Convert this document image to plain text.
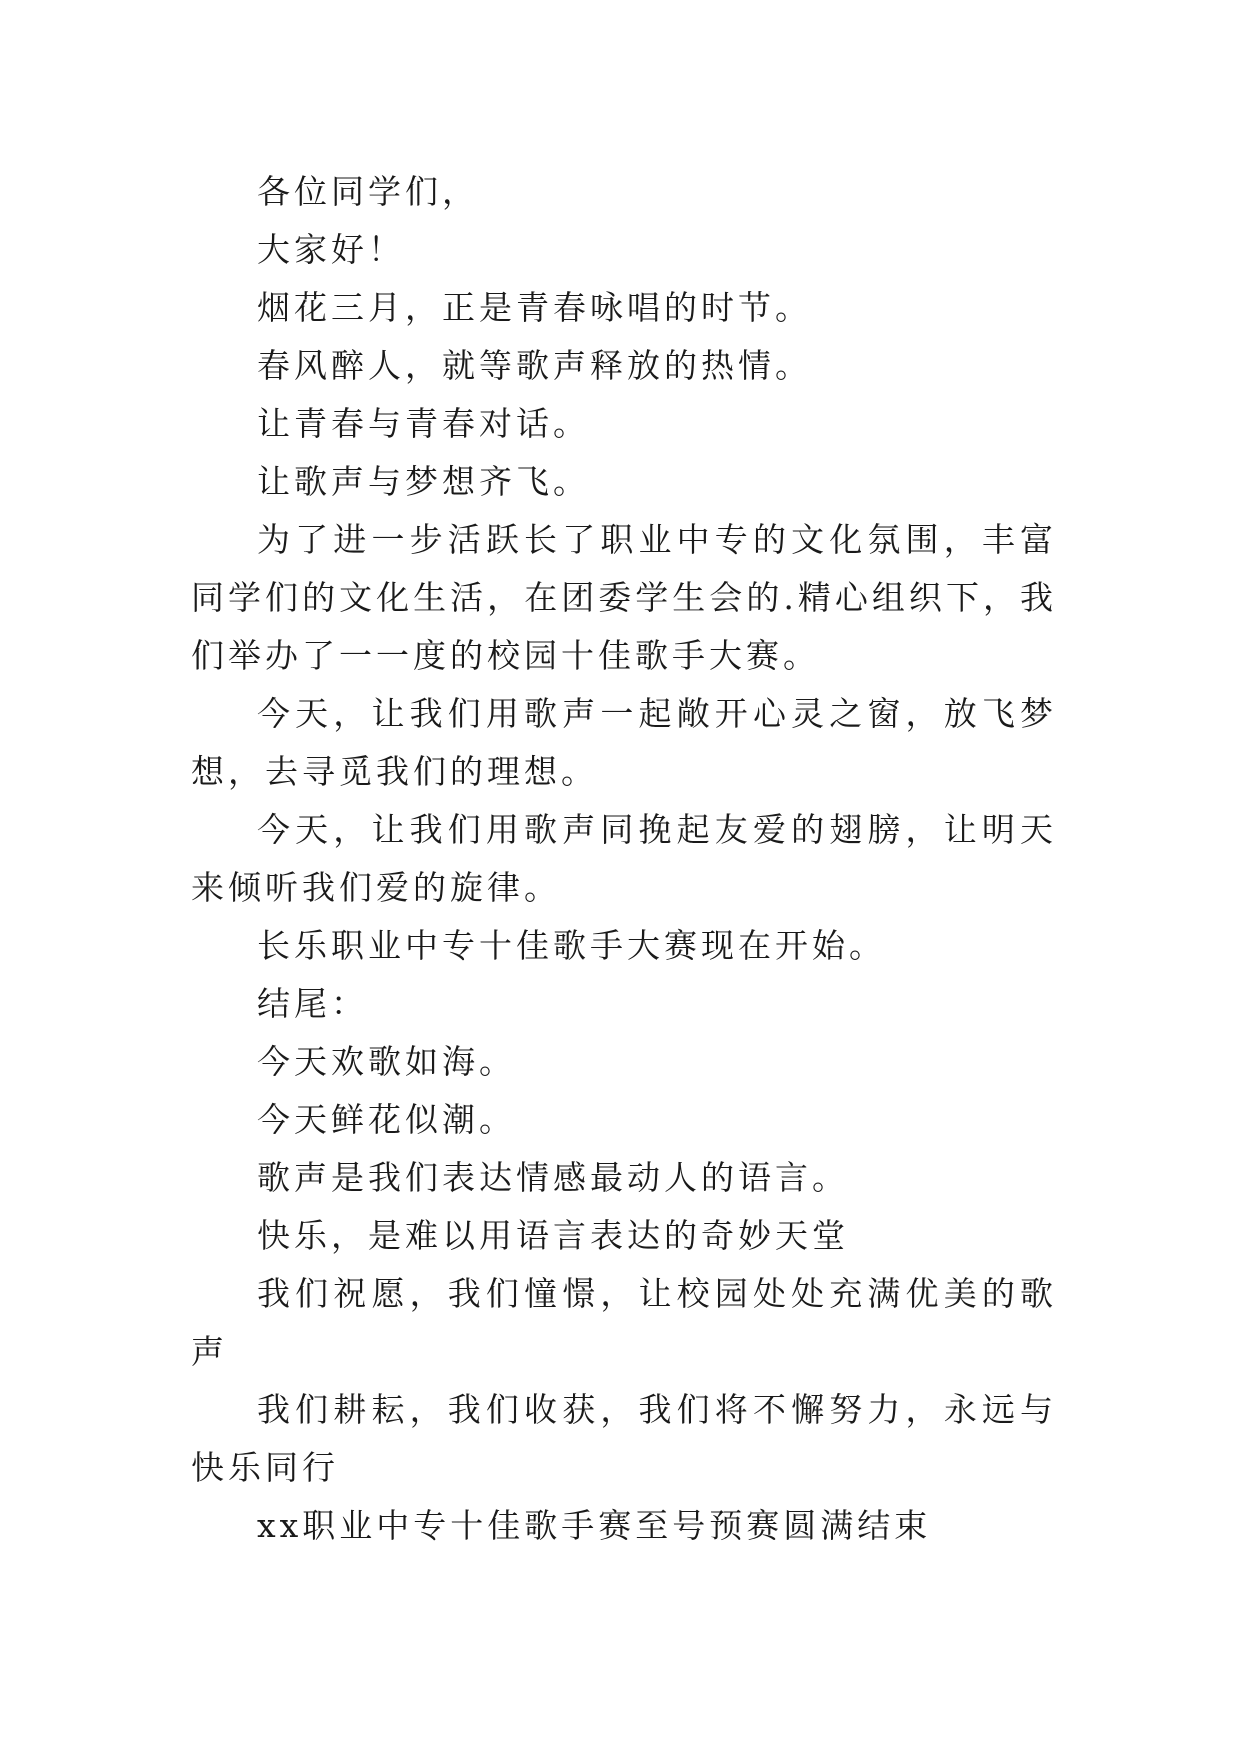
各位同学们，

大家好！

烟花三月，正是青春咏唱的时节。

春风醉人，就等歌声释放的热情。

让青春与青春对话。

让歌声与梦想齐飞。

为了进一步活跃长了职业中专的文化氛围，丰富同学们的文化生活，在团委学生会的.精心组织下，我们举办了一一度的校园十佳歌手大赛。

今天，让我们用歌声一起敞开心灵之窗，放飞梦想，去寻觅我们的理想。

今天，让我们用歌声同挽起友爱的翅膀，让明天来倾听我们爱的旋律。

长乐职业中专十佳歌手大赛现在开始。

结尾：

今天欢歌如海。

今天鲜花似潮。

歌声是我们表达情感最动人的语言。

快乐，是难以用语言表达的奇妙天堂

我们祝愿，我们憧憬，让校园处处充满优美的歌声

我们耕耘，我们收获，我们将不懈努力，永远与快乐同行

xx职业中专十佳歌手赛至号预赛圆满结束
